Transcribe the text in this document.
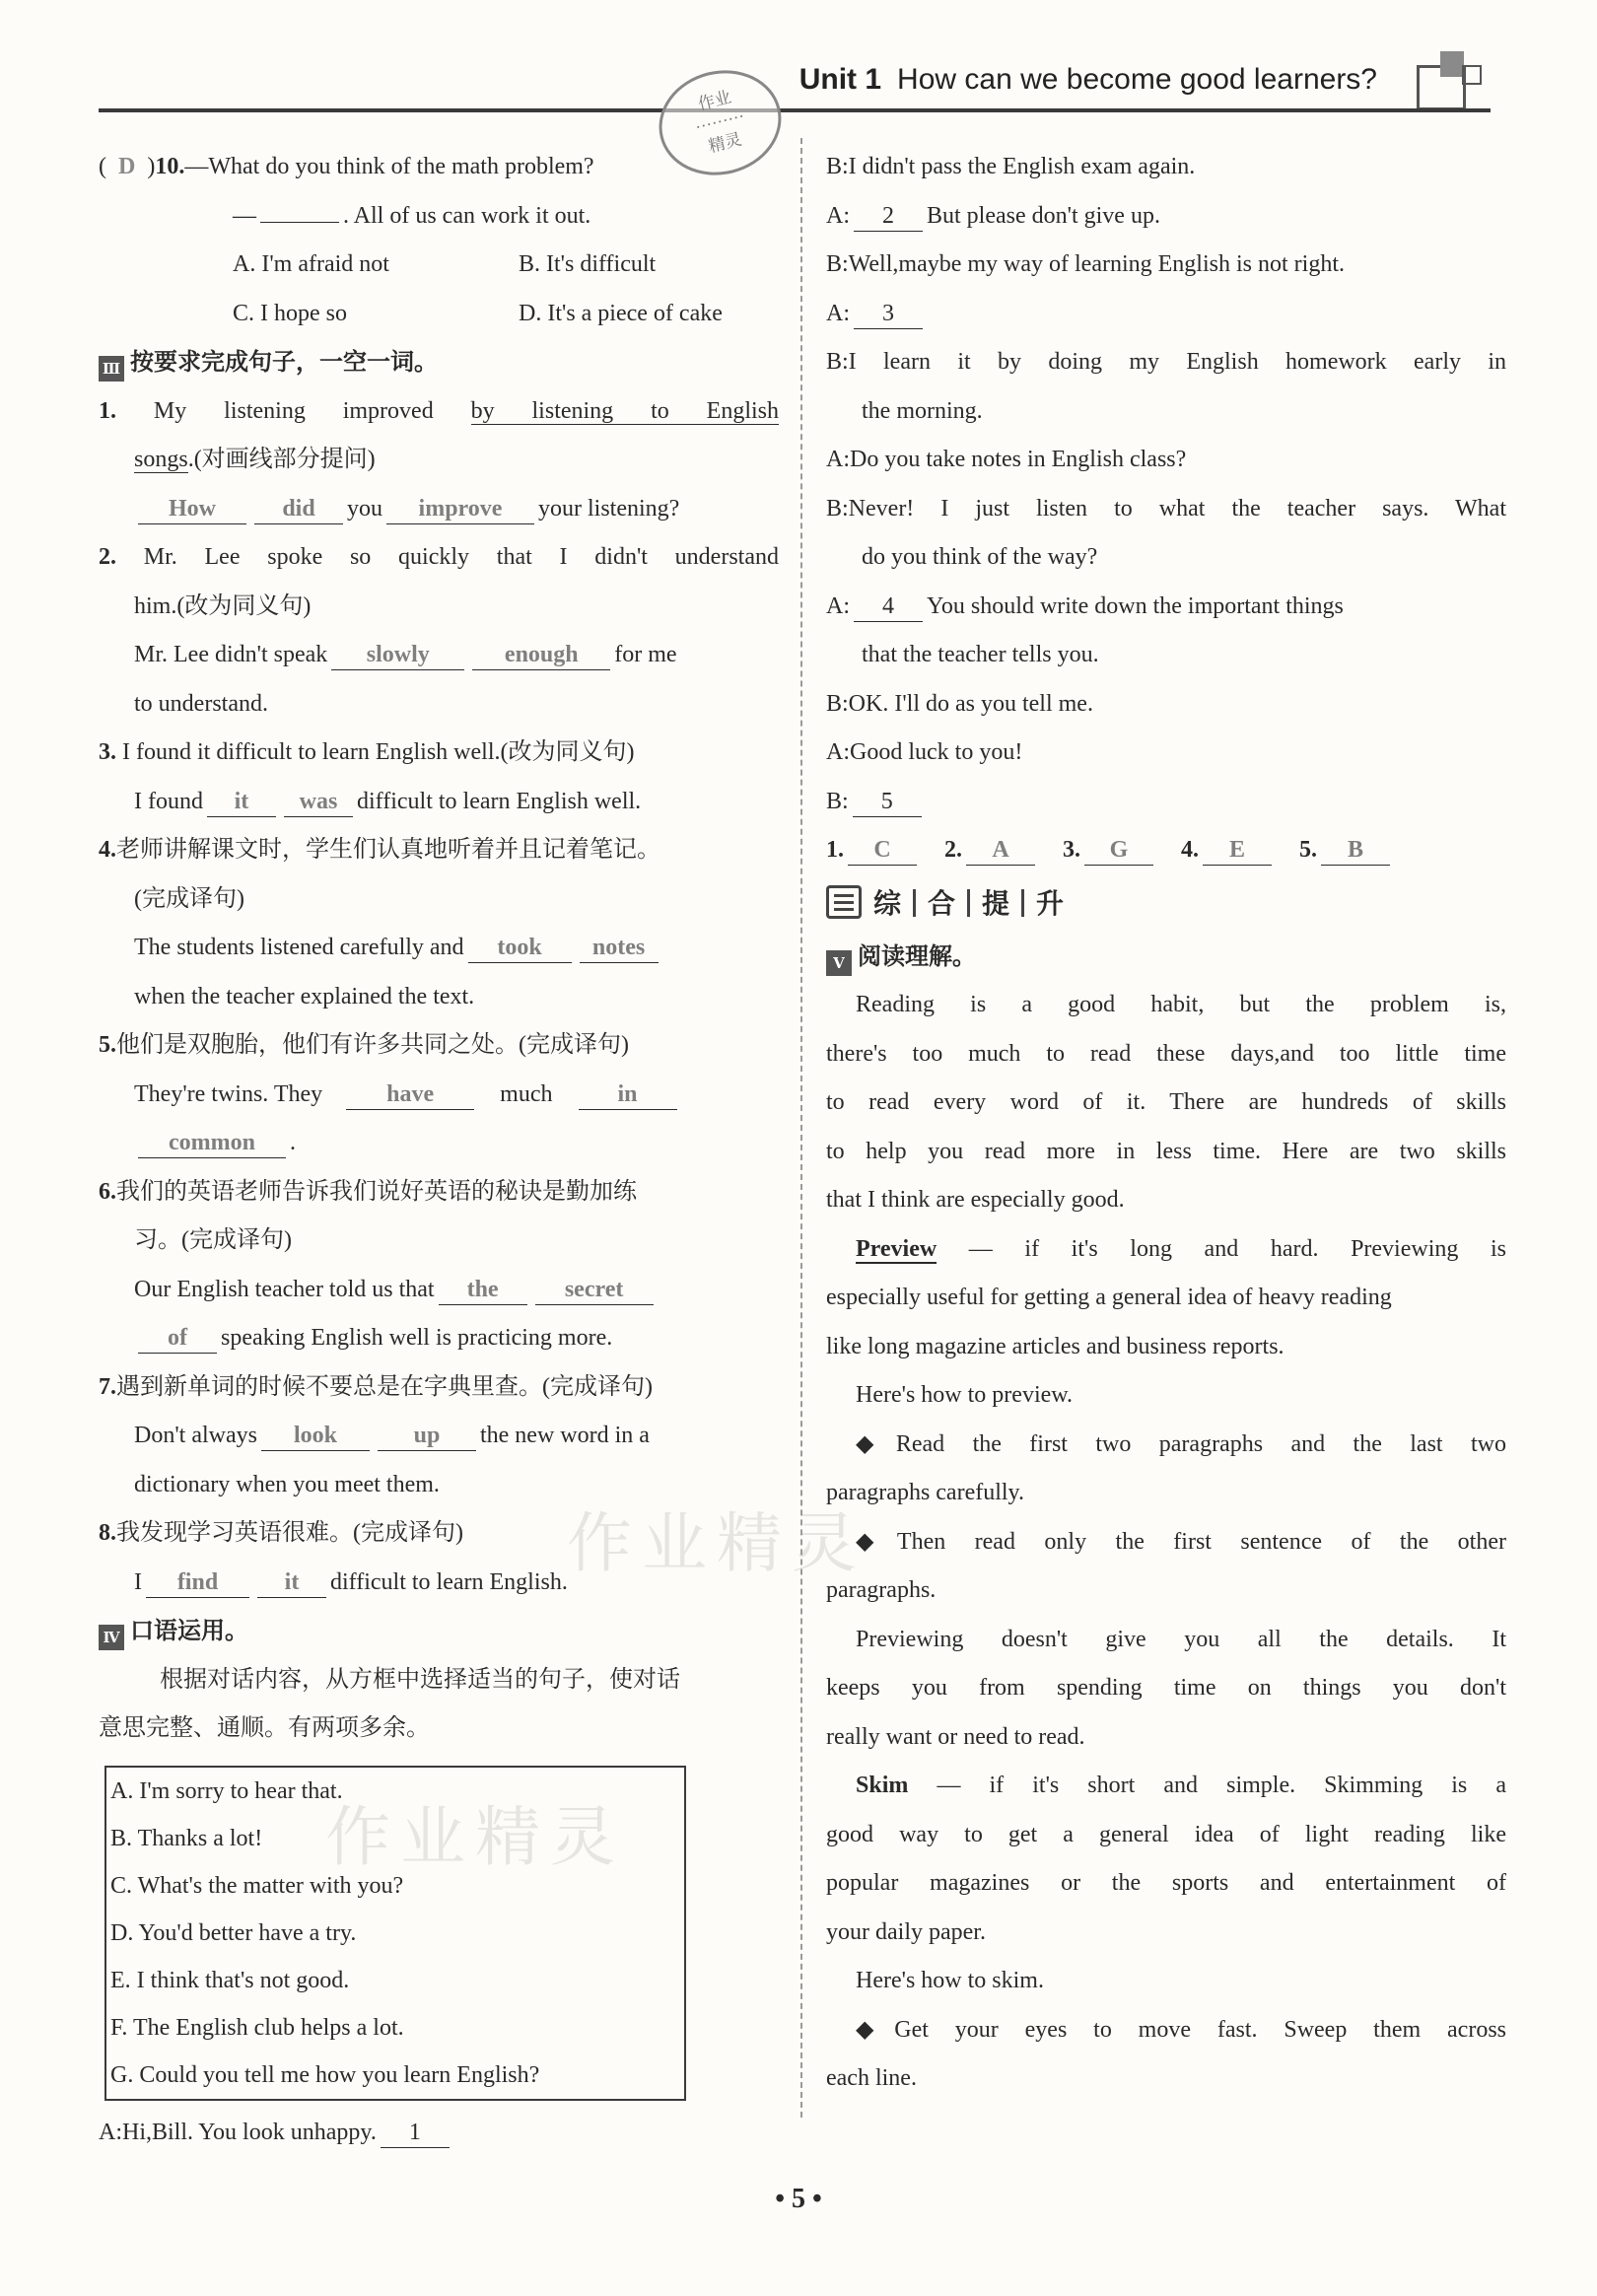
Unit 1 How can we become good learners?
作业
·········
精灵
作业精灵
作业精灵
( D )10.—What do you think of the math problem?
—	. All of us can work it out.
A. I'm afraid not	B. It's difficult
C. I hope so	D. It's a piece of cake
Ⅲ 按要求完成句子，一空一词。
1. My listening improved by listening to English
songs.(对画线部分提问)
How	did you improve your listening?
2. Mr. Lee spoke so quickly that I didn't understand
him.(改为同义句)
Mr. Lee didn't speak slowly	enough for me
to understand.
3. I found it difficult to learn English well.(改为同义句)
I found it was difficult to learn English well.
4.老师讲解课文时，学生们认真地听着并且记着笔记。
(完成译句)
The students listened carefully and took notes
when the teacher explained the text.
5.他们是双胞胎，他们有许多共同之处。(完成译句)
They're twins. They	have	much	in
common .
6.我们的英语老师告诉我们说好英语的秘诀是勤加练
习。(完成译句)
Our English teacher told us that the	secret
of speaking English well is practicing more.
7.遇到新单词的时候不要总是在字典里查。(完成译句)
Don't always look	up the new word in a
dictionary when you meet them.
8.我发现学习英语很难。(完成译句)
I find	it difficult to learn English.
Ⅳ 口语运用。
根据对话内容，从方框中选择适当的句子，使对话
意思完整、通顺。有两项多余。
A. I'm sorry to hear that.
B. Thanks a lot!
C. What's the matter with you?
D. You'd better have a try.
E. I think that's not good.
F. The English club helps a lot.
G. Could you tell me how you learn English?
A:Hi,Bill. You look unhappy. 1
B:I didn't pass the English exam again.
A: 2 But please don't give up.
B:Well,maybe my way of learning English is not right.
A: 3
B:I learn it by doing my English homework early in
the morning.
A:Do you take notes in English class?
B:Never! I just listen to what the teacher says. What
do you think of the way?
A: 4 You should write down the important things
that the teacher tells you.
B:OK. I'll do as you tell me.
A:Good luck to you!
B: 5
1. C 2. A 3. G 4. E 5. B
综 合 提 升
Ⅴ 阅读理解。
Reading is a good habit, but the problem is,
there's too much to read these days,and too little time
to read every word of it. There are hundreds of skills
to help you read more in less time. Here are two skills
that I think are especially good.
Preview — if it's long and hard. Previewing is
especially useful for getting a general idea of heavy reading
like long magazine articles and business reports.
Here's how to preview.
◆Read the first two paragraphs and the last two
paragraphs carefully.
◆Then read only the first sentence of the other
paragraphs.
Previewing doesn't give you all the details. It
keeps you from spending time on things you don't
really want or need to read.
Skim — if it's short and simple. Skimming is a
good way to get a general idea of light reading like
popular magazines or the sports and entertainment of
your daily paper.
Here's how to skim.
◆Get your eyes to move fast. Sweep them across
each line.
• 5 •
